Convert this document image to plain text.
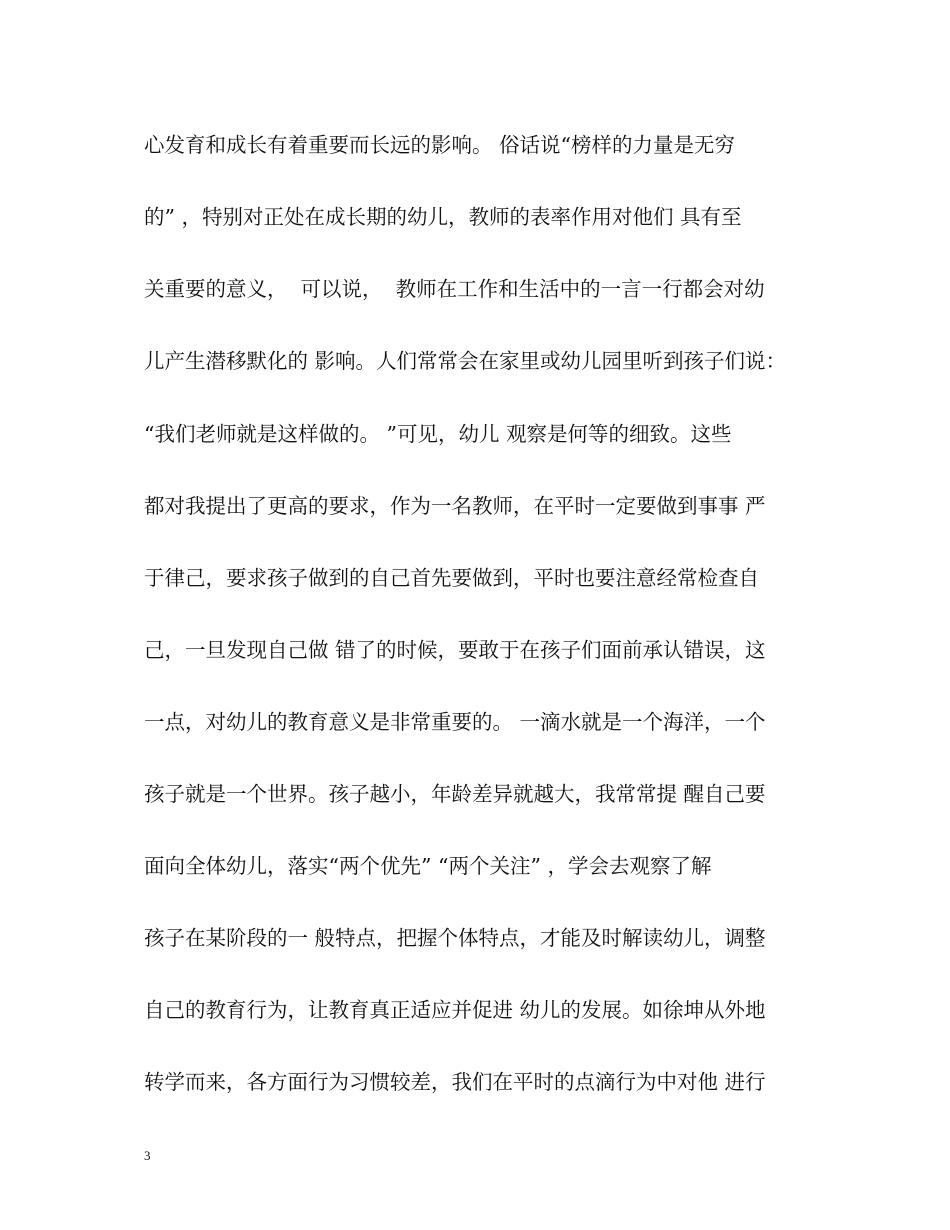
心发育和成长有着重要而长远的影响。 俗话说“榜样的力量是无穷

的” ，特别对正处在成长期的幼儿，教师的表率作用对他们 具有至

关重要的意义，  可以说，  教师在工作和生活中的一言一行都会对幼

儿产生潜移默化的 影响。人们常常会在家里或幼儿园里听到孩子们说：

“我们老师就是这样做的。 ”可见，幼儿 观察是何等的细致。这些

都对我提出了更高的要求，作为一名教师，在平时一定要做到事事 严

于律己，要求孩子做到的自己首先要做到，平时也要注意经常检查自

己，一旦发现自己做 错了的时候，要敢于在孩子们面前承认错误，这

一点，对幼儿的教育意义是非常重要的。 一滴水就是一个海洋，一个

孩子就是一个世界。孩子越小，年龄差异就越大，我常常提 醒自己要

面向全体幼儿，落实“两个优先” “两个关注” ，学会去观察了解

孩子在某阶段的一 般特点，把握个体特点，才能及时解读幼儿，调整

自己的教育行为，让教育真正适应并促进 幼儿的发展。如徐坤从外地

转学而来，各方面行为习惯较差，我们在平时的点滴行为中对他 进行

3
